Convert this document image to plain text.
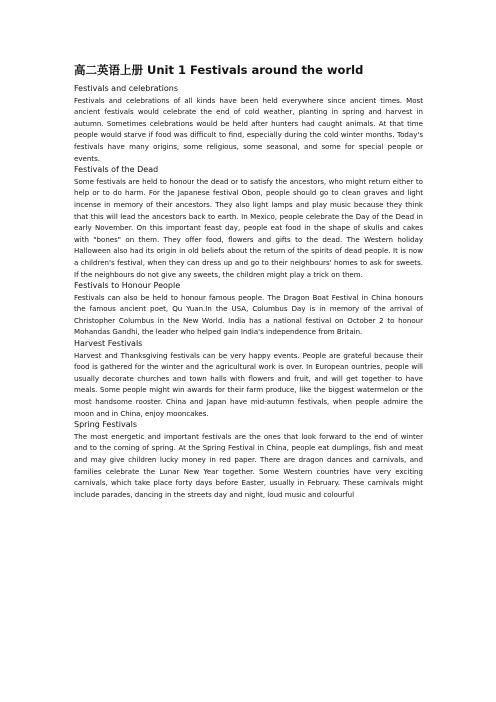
高二英语上册 Unit 1 Festivals around the world

Festivals and celebrations

Festivals and celebrations of all kinds have been held everywhere since ancient times. Most ancient festivals would celebrate the end of cold weather, planting in spring and harvest in autumn. Sometimes celebrations would be held after hunters had caught animals. At that time people would starve if food was difficult to find, especially during the cold winter months. Today's festivals have many origins, some religious, some seasonal, and some for special people or events.

Festivals of the Dead

Some festivals are held to honour the dead or to satisfy the ancestors, who might return either to help or to do harm. For the Japanese festival Obon, people should go to clean graves and light incense in memory of their ancestors. They also light lamps and play music because they think that this will lead the ancestors back to earth. In Mexico, people celebrate the Day of the Dead in early November. On this important feast day, people eat food in the shape of skulls and cakes with "bones" on them. They offer food, flowers and gifts to the dead. The Western holiday Halloween also had its origin in old beliefs about the return of the spirits of dead people. It is now a children's festival, when they can dress up and go to their neighbours' homes to ask for sweets. If the neighbours do not give any sweets, the children might play a trick on them.

Festivals to Honour People

Festivals can also be held to honour famous people. The Dragon Boat Festival in China honours the famous ancient poet, Qu Yuan.In the USA, Columbus Day is in memory of the arrival of Christopher Columbus in the New World. India has a national festival on October 2 to honour Mohandas Gandhi, the leader who helped gain India's independence from Britain.

Harvest Festivals

Harvest and Thanksgiving festivals can be very happy events. People are grateful because their food is gathered for the winter and the agricultural work is over. In European ountries, people will usually decorate churches and town halls with flowers and fruit, and will get together to have meals. Some people might win awards for their farm produce, like the biggest watermelon or the most handsome rooster. China and Japan have mid-autumn festivals, when people admire the moon and in China, enjoy mooncakes.

Spring Festivals

The most energetic and important festivals are the ones that look forward to the end of winter and to the coming of spring. At the Spring Festival in China, people eat dumplings, fish and meat and may give children lucky money in red paper. There are dragon dances and carnivals, and families celebrate the Lunar New Year together. Some Western countries have very exciting carnivals, which take place forty days before Easter, usually in February. These carnivals might include parades, dancing in the streets day and night, loud music and colourful
